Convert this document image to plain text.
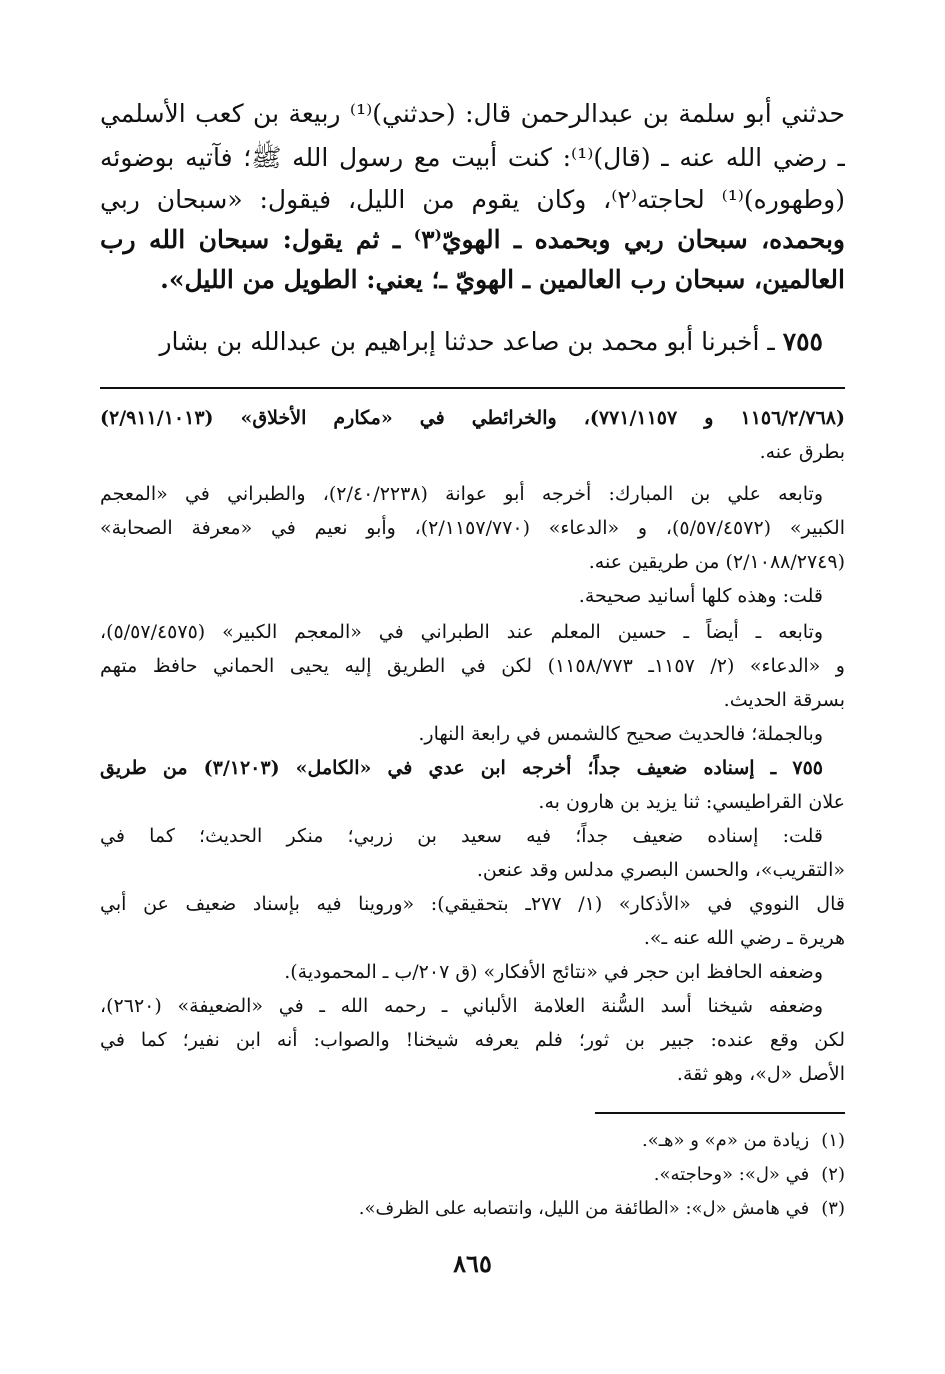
حدثني أبو سلمة بن عبدالرحمن قال: (حدثني)⁽¹⁾ ربيعة بن كعب الأسلمي
ـ رضي الله عنه ـ (قال)⁽¹⁾: كنت أبيت مع رسول الله ﷺ؛ فآتيه بوضوئه
(وطهوره)⁽¹⁾ لحاجته⁽٢⁾، وكان يقوم من الليل، فيقول: «سبحان ربي
وبحمده، سبحان ربي وبحمده ـ الهويّ⁽٣⁾ ـ ثم يقول: سبحان الله رب
العالمين، سبحان رب العالمين ـ الهويّ ـ؛ يعني: الطويل من الليل».
٧٥٥ ـ أخبرنا أبو محمد بن صاعد حدثنا إبراهيم بن عبدالله بن بشار
(١١٥٦/٢/٧٦٨ و ٧٧١/١١٥٧)، والخرائطي في «مكارم الأخلاق» (٢/٩١١/١٠١٣)
بطرق عنه.
وتابعه علي بن المبارك: أخرجه أبو عوانة (٢/٤٠/٢٢٣٨)، والطبراني في «المعجم
الكبير» (٥/٥٧/٤٥٧٢)، و «الدعاء» (٢/١١٥٧/٧٧٠)، وأبو نعيم في «معرفة الصحابة»
(٢/١٠٨٨/٢٧٤٩) من طريقين عنه.
قلت: وهذه كلها أسانيد صحيحة.
وتابعه ـ أيضاً ـ حسين المعلم عند الطبراني في «المعجم الكبير» (٥/٥٧/٤٥٧٥)،
و «الدعاء» (٢/ ١١٥٧ـ ١١٥٨/٧٧٣) لكن في الطريق إليه يحيى الحماني حافظ متهم
بسرقة الحديث.
وبالجملة؛ فالحديث صحيح كالشمس في رابعة النهار.
٧٥٥ ـ إسناده ضعيف جداً؛ أخرجه ابن عدي في «الكامل» (٣/١٢٠٣) من طريق
علان القراطيسي: ثنا يزيد بن هارون به.
قلت: إسناده ضعيف جداً؛ فيه سعيد بن زربي؛ منكر الحديث؛ كما في
«التقريب»، والحسن البصري مدلس وقد عنعن.
قال النووي في «الأذكار» (١/ ٢٧٧ـ بتحقيقي): «وروينا فيه بإسناد ضعيف عن أبي
هريرة ـ رضي الله عنه ـ».
وضعفه الحافظ ابن حجر في «نتائج الأفكار» (ق ٢٠٧/ب ـ المحمودية).
وضعفه شيخنا أسد السُّنة العلامة الألباني ـ رحمه الله ـ في «الضعيفة» (٢٦٢٠)،
لكن وقع عنده: جبير بن ثور؛ فلم يعرفه شيخنا! والصواب: أنه ابن نفير؛ كما في
الأصل «ل»، وهو ثقة.
(١)زيادة من «م» و «هـ».
(٢)في «ل»: «وحاجته».
(٣)في هامش «ل»: «الطائفة من الليل، وانتصابه على الظرف».
٨٦٥
